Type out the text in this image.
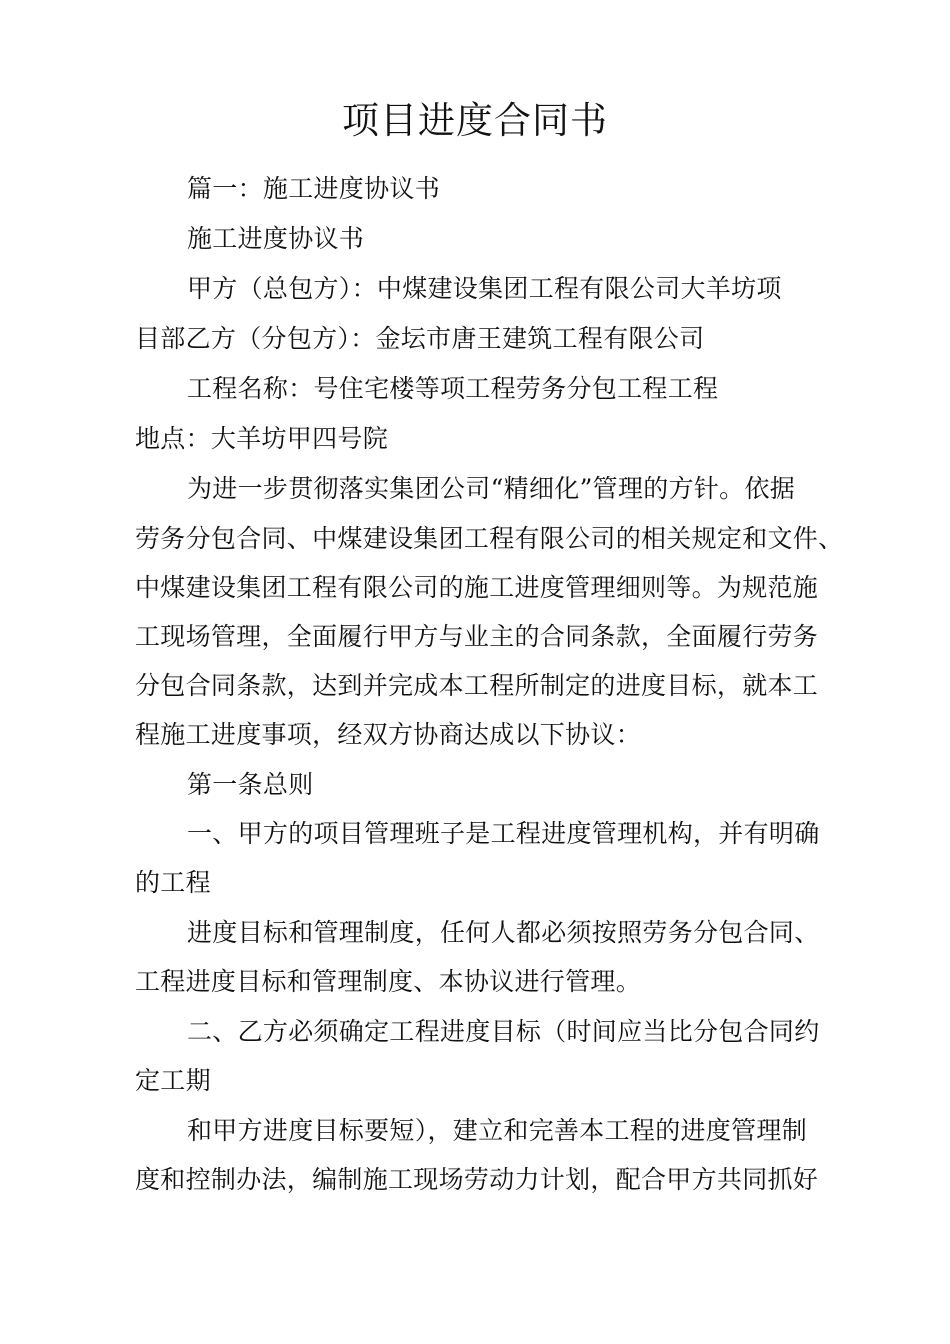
项目进度合同书
篇一：施工进度协议书
施工进度协议书
甲方（总包方）：中煤建设集团工程有限公司大羊坊项
目部乙方（分包方）：金坛市唐王建筑工程有限公司
工程名称：号住宅楼等项工程劳务分包工程工程
地点：大羊坊甲四号院
为进一步贯彻落实集团公司“精细化”管理的方针。依据
劳务分包合同、中煤建设集团工程有限公司的相关规定和文件、
中煤建设集团工程有限公司的施工进度管理细则等。为规范施
工现场管理，全面履行甲方与业主的合同条款，全面履行劳务
分包合同条款，达到并完成本工程所制定的进度目标，就本工
程施工进度事项，经双方协商达成以下协议：
第一条总则
一、甲方的项目管理班子是工程进度管理机构，并有明确
的工程
进度目标和管理制度，任何人都必须按照劳务分包合同、
工程进度目标和管理制度、本协议进行管理。
二、乙方必须确定工程进度目标（时间应当比分包合同约
定工期
和甲方进度目标要短），建立和完善本工程的进度管理制
度和控制办法，编制施工现场劳动力计划，配合甲方共同抓好
